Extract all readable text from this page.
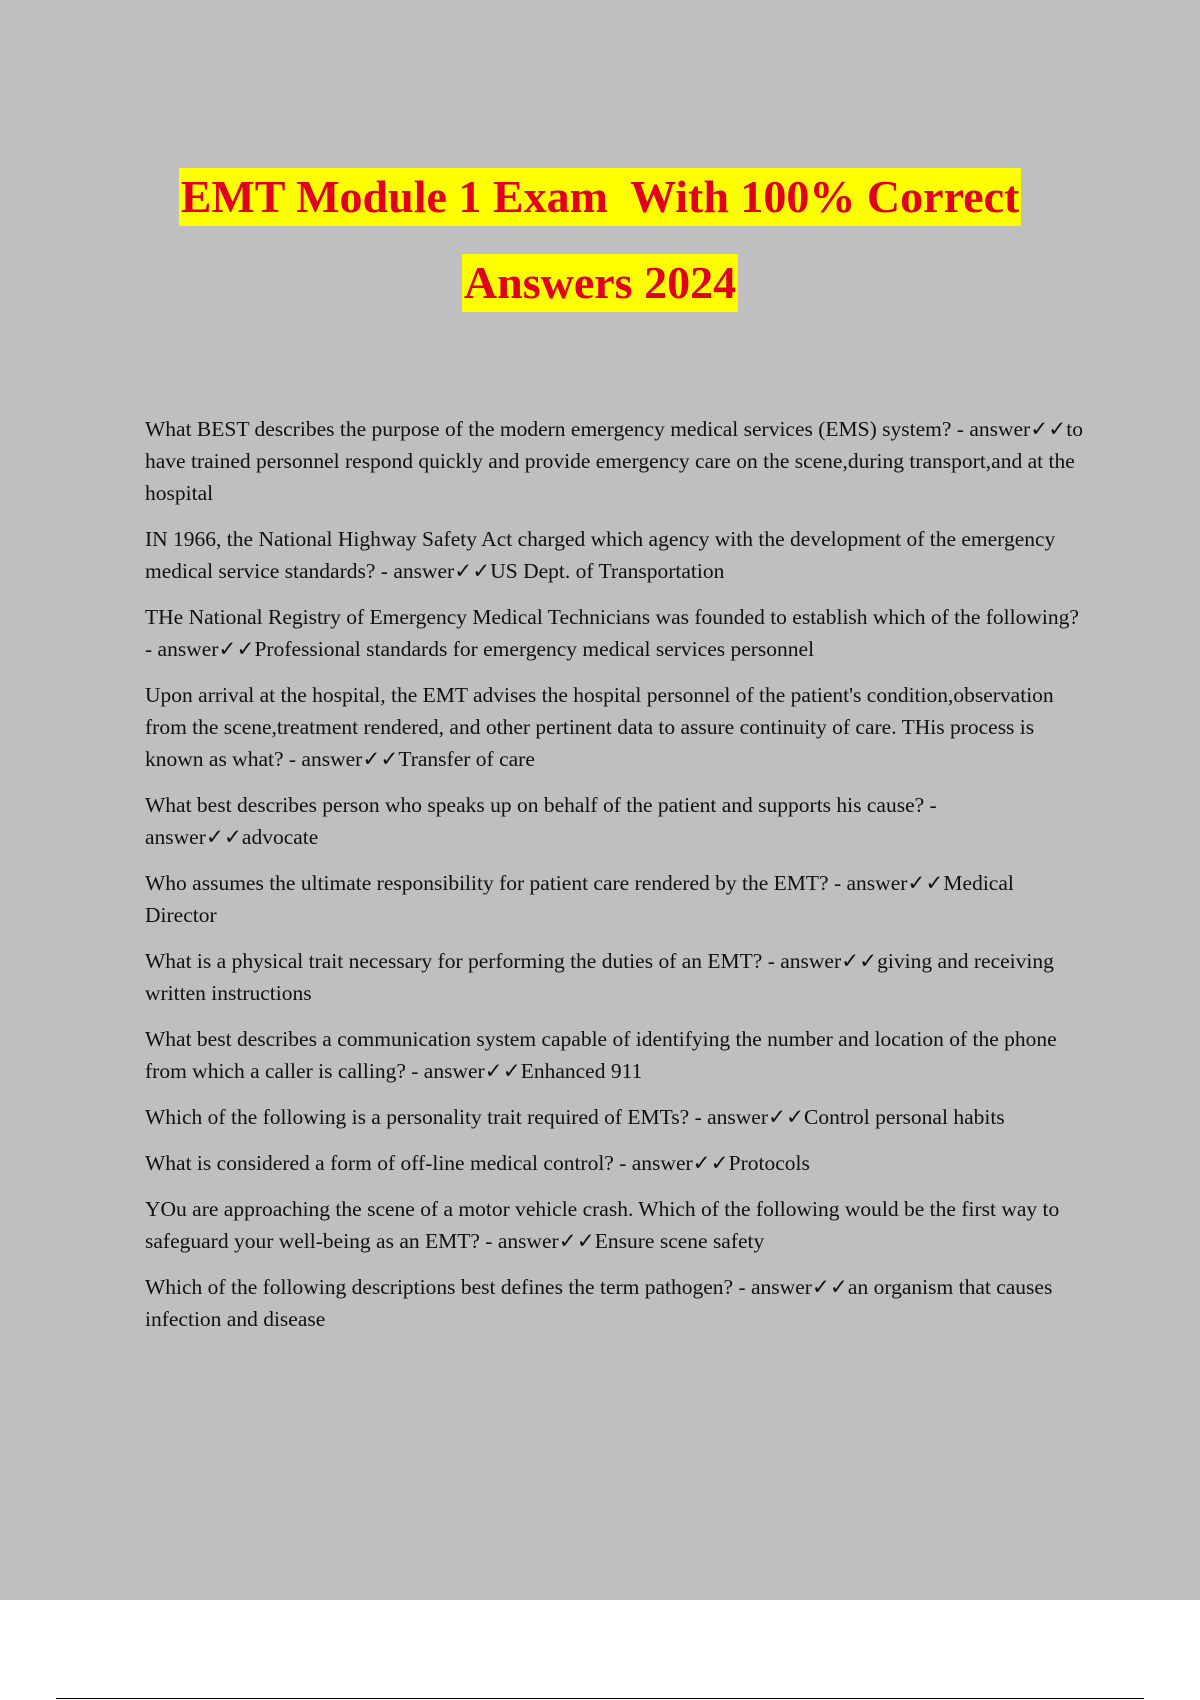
EMT Module 1 Exam  With 100% Correct
Answers 2024

What BEST describes the purpose of the modern emergency medical services (EMS) system? - answer✓✓to have trained personnel respond quickly and provide emergency care on the scene,during transport,and at the hospital

IN 1966, the National Highway Safety Act charged which agency with the development of the emergency medical service standards? - answer✓✓US Dept. of Transportation

THe National Registry of Emergency Medical Technicians was founded to establish which of the following? - answer✓✓Professional standards for emergency medical services personnel

Upon arrival at the hospital, the EMT advises the hospital personnel of the patient's condition,observation from the scene,treatment rendered, and other pertinent data to assure continuity of care. THis process is known as what? - answer✓✓Transfer of care

What best describes person who speaks up on behalf of the patient and supports his cause? - answer✓✓advocate

Who assumes the ultimate responsibility for patient care rendered by the EMT? - answer✓✓Medical Director

What is a physical trait necessary for performing the duties of an EMT? - answer✓✓giving and receiving written instructions

What best describes a communication system capable of identifying the number and location of the phone from which a caller is calling? - answer✓✓Enhanced 911

Which of the following is a personality trait required of EMTs? - answer✓✓Control personal habits

What is considered a form of off-line medical control? - answer✓✓Protocols

YOu are approaching the scene of a motor vehicle crash. Which of the following would be the first way to safeguard your well-being as an EMT? - answer✓✓Ensure scene safety

Which of the following descriptions best defines the term pathogen? - answer✓✓an organism that causes infection and disease
